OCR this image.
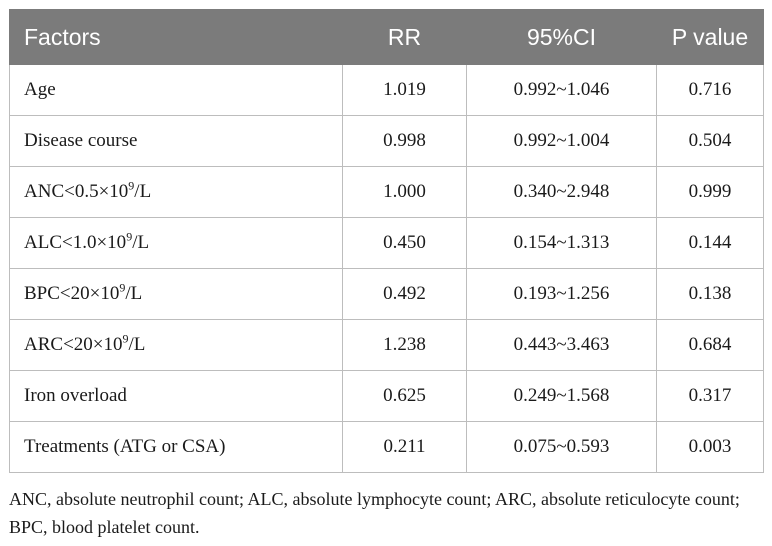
Factors	RR	95%CI	P value
Age	1.019	0.992~1.046	0.716
Disease course	0.998	0.992~1.004	0.504
$ANC<0.5\times 10^9/L$	1.000	0.340~2.948	0.999
$ALC<1.0\times 10^9/L$	0.450	0.154~1.313	0.144
$BPC<20\times 10^9/L$	0.492	0.193~1.256	0.138
$ARC<20\times 10^9/L$	1.238	0.443~3.463	0.684
Iron overload	0.625	0.249~1.568	0.317
Treatments (ATG or CSA)	0.211	0.075~0.593	0.003
ANC, absolute neutrophil count; ALC, absolute lymphocyte count; ARC, absolute reticulocyte count; BPC, blood platelet count.
